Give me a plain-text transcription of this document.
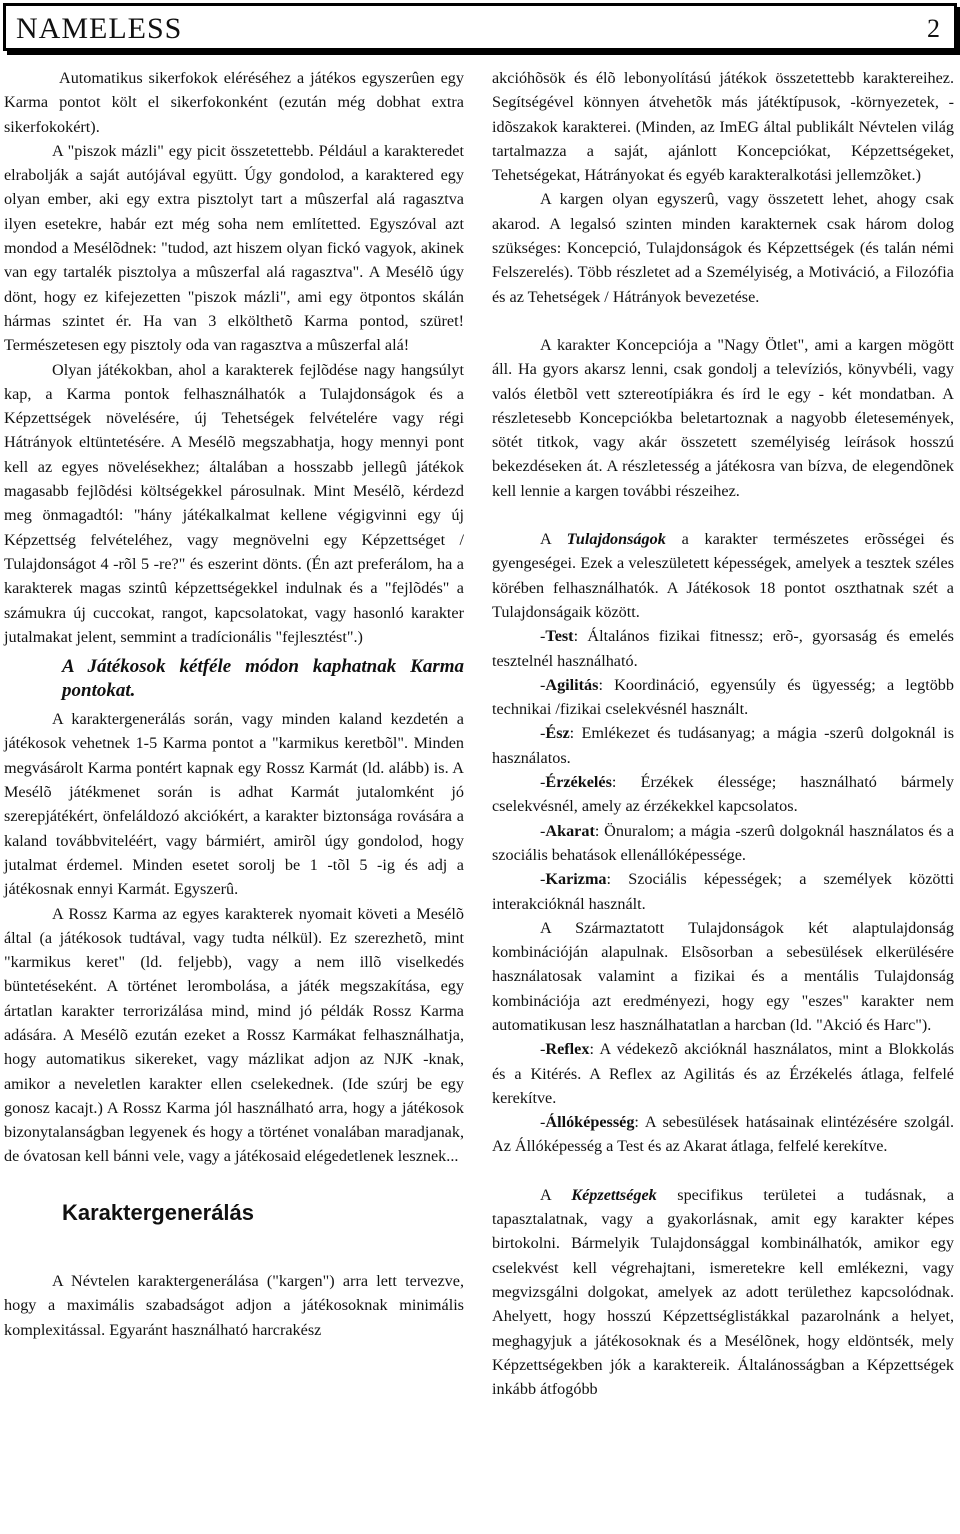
NAMELESS	2

Automatikus sikerfokok eléréséhez a játékos egyszerûen egy Karma pontot költ el sikerfokonként (ezután még dobhat extra sikerfokokért).

A "piszok mázli" egy picit összetettebb. Például a karakteredet elrabolják a saját autójával együtt. Úgy gondolod, a karaktered egy olyan ember, aki egy extra pisztolyt tart a mûszerfal alá ragasztva ilyen esetekre, habár ezt még soha nem említetted. Egyszóval azt mondod a Mesélõdnek: "tudod, azt hiszem olyan fickó vagyok, akinek van egy tartalék pisztolya a mûszerfal alá ragasztva". A Mesélõ úgy dönt, hogy ez kifejezetten "piszok mázli", ami egy ötpontos skálán hármas szintet ér. Ha van 3 elkölthetõ Karma pontod, szüret! Természetesen egy pisztoly oda van ragasztva a mûszerfal alá!

Olyan játékokban, ahol a karakterek fejlõdése nagy hangsúlyt kap, a Karma pontok felhasználhatók a Tulajdonságok és a Képzettségek növelésére, új Tehetségek felvételére vagy régi Hátrányok eltüntetésére. A Mesélõ megszabhatja, hogy mennyi pont kell az egyes növelésekhez; általában a hosszabb jellegû játékok magasabb fejlõdési költségekkel párosulnak. Mint Mesélõ, kérdezd meg önmagadtól: "hány játékalkalmat kellene végigvinni egy új Képzettség felvételéhez, vagy megnövelni egy Képzettséget / Tulajdonságot 4 -rõl 5 -re?" és eszerint dönts. (Én azt preferálom, ha a karakterek magas szintû képzettségekkel indulnak és a "fejlõdés" a számukra új cuccokat, rangot, kapcsolatokat, vagy hasonló karakter jutalmakat jelent, semmint a tradícionális "fejlesztést".)

A Játékosok kétféle módon kaphatnak Karma pontokat.

A karaktergenerálás során, vagy minden kaland kezdetén a játékosok vehetnek 1-5 Karma pontot a "karmikus keretbõl". Minden megvásárolt Karma pontért kapnak egy Rossz Karmát (ld. alább) is. A Mesélõ játékmenet során is adhat Karmát jutalomként jó szerepjátékért, önfeláldozó akciókért, a karakter biztonsága rovására a kaland továbbviteléért, vagy bármiért, amirõl úgy gondolod, hogy jutalmat érdemel. Minden esetet sorolj be 1 -tõl 5 -ig és adj a játékosnak ennyi Karmát. Egyszerû.

A Rossz Karma az egyes karakterek nyomait követi a Mesélõ által (a játékosok tudtával, vagy tudta nélkül). Ez szerezhetõ, mint "karmikus keret" (ld. feljebb), vagy a nem illõ viselkedés büntetéseként. A történet lerombolása, a játék megszakítása, egy ártatlan karakter terrorizálása mind, mind jó példák Rossz Karma adására. A Mesélõ ezután ezeket a Rossz Karmákat felhasználhatja, hogy automatikus sikereket, vagy mázlikat adjon az NJK -knak, amikor a neveletlen karakter ellen cselekednek. (Ide szúrj be egy gonosz kacajt.) A Rossz Karma jól használható arra, hogy a játékosok bizonytalanságban legyenek és hogy a történet vonalában maradjanak, de óvatosan kell bánni vele, vagy a játékosaid elégedetlenek lesznek...

Karaktergenerálás

A Névtelen karaktergenerálása ("kargen") arra lett tervezve, hogy a maximális szabadságot adjon a játékosoknak minimális komplexitással. Egyaránt használható harcrakész

akcióhõsök és élõ lebonyolítású játékok összetettebb karaktereihez. Segítségével könnyen átvehetõk más játéktípusok, -környezetek, -idõszakok karakterei. (Minden, az ImEG által publikált Névtelen világ tartalmazza a saját, ajánlott Koncepciókat, Képzettségeket, Tehetségekat, Hátrányokat és egyéb karakteralkotási jellemzõket.)

A kargen olyan egyszerû, vagy összetett lehet, ahogy csak akarod. A legalsó szinten minden karakternek csak három dolog szükséges: Koncepció, Tulajdonságok és Képzettségek (és talán némi Felszerelés). Több részletet ad a Személyiség, a Motiváció, a Filozófia és az Tehetségek / Hátrányok bevezetése.

A karakter Koncepciója a "Nagy Ötlet", ami a kargen mögött áll. Ha gyors akarsz lenni, csak gondolj a televíziós, könyvbéli, vagy valós életbõl vett sztereotípiákra és írd le egy - két mondatban. A részletesebb Koncepciókba beletartoznak a nagyobb életesemények, sötét titkok, vagy akár összetett személyiség leírások hosszú bekezdéseken át. A részletesség a játékosra van bízva, de elegendõnek kell lennie a kargen további részeihez.

A Tulajdonságok a karakter természetes erõsségei és gyengeségei. Ezek a veleszületett képességek, amelyek a tesztek széles körében felhasználhatók. A Játékosok 18 pontot oszthatnak szét a Tulajdonságaik között.

-Test: Általános fizikai fitnessz; erõ-, gyorsaság és emelés tesztelnél használható.

-Agilitás: Koordináció, egyensúly és ügyesség; a legtöbb technikai /fizikai cselekvésnél használt.

-Ész: Emlékezet és tudásanyag; a mágia -szerû dolgoknál is használatos.

-Érzékelés: Érzékek élessége; használható bármely cselekvésnél, amely az érzékekkel kapcsolatos.

-Akarat: Önuralom; a mágia -szerû dolgoknál használatos és a szociális behatások ellenállóképessége.

-Karizma: Szociális képességek; a személyek közötti interakcióknál használt.

A Származtatott Tulajdonságok két alaptulajdonság kombinációján alapulnak. Elsõsorban a sebesülések elkerülésére használatosak valamint a fizikai és a mentális Tulajdonság kombinációja azt eredményezi, hogy egy "eszes" karakter nem automatikusan lesz használhatatlan a harcban (ld. "Akció és Harc").

-Reflex: A védekezõ akcióknál használatos, mint a Blokkolás és a Kitérés. A Reflex az Agilitás és az Érzékelés átlaga, felfelé kerekítve.

-Állóképesség: A sebesülések hatásainak elintézésére szolgál. Az Állóképesség a Test és az Akarat átlaga, felfelé kerekítve.

A Képzettségek specifikus területei a tudásnak, a tapasztalatnak, vagy a gyakorlásnak, amit egy karakter képes birtokolni. Bármelyik Tulajdonsággal kombinálhatók, amikor egy cselekvést kell végrehajtani, ismeretekre kell emlékezni, vagy megvizsgálni dolgokat, amelyek az adott területhez kapcsolódnak. Ahelyett, hogy hosszú Képzettséglistákkal pazarolnánk a helyet, meghagyjuk a játékosoknak és a Mesélõnek, hogy eldöntsék, mely Képzettségekben jók a karaktereik. Általánosságban a Képzettségek inkább átfogóbb
